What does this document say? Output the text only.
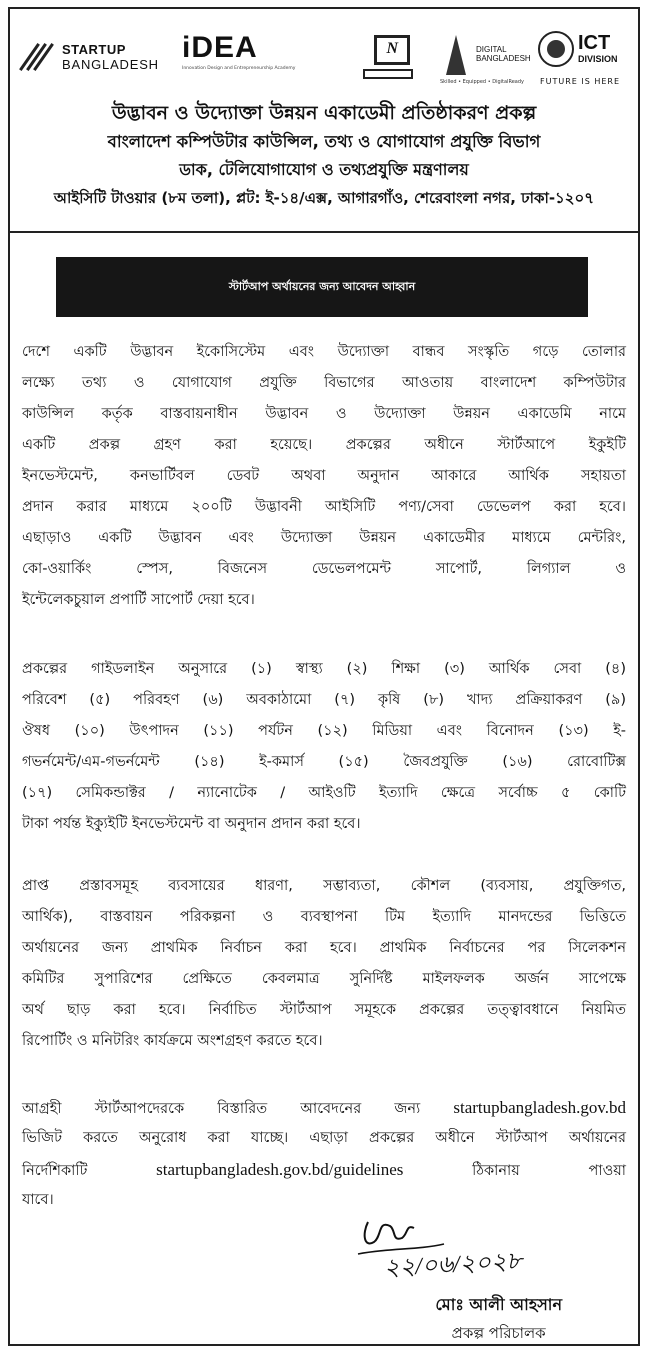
STARTUP
BANGLADESH
iDEA
Innovation Design and Entrepreneurship Academy
N	DIGITAL
BANGLADESH
Skilled • Equipped • DigitalReady
ICT
DIVISION
FUTURE IS HERE
উদ্ভাবন ও উদ্যোক্তা উন্নয়ন একাডেমী প্রতিষ্ঠাকরণ প্রকল্প
বাংলাদেশ কম্পিউটার কাউন্সিল, তথ্য ও যোগাযোগ প্রযুক্তি বিভাগ
ডাক, টেলিযোগাযোগ ও তথ্যপ্রযুক্তি মন্ত্রণালয়
আইসিটি টাওয়ার (৮ম তলা), প্লট: ই-১৪/এক্স, আগারগাঁও, শেরেবাংলা নগর, ঢাকা-১২০৭
স্টার্টআপ অর্থায়নের জন্য আবেদন আহ্বান
দেশে একটি উদ্ভাবন ইকোসিস্টেম এবং উদ্যোক্তা বান্ধব সংস্কৃতি গড়ে তোলার
লক্ষ্যে তথ্য ও যোগাযোগ প্রযুক্তি বিভাগের আওতায় বাংলাদেশ কম্পিউটার
কাউন্সিল কর্তৃক বাস্তবায়নাধীন উদ্ভাবন ও উদ্যোক্তা উন্নয়ন একাডেমি নামে
একটি প্রকল্প গ্রহণ করা হয়েছে। প্রকল্পের অধীনে স্টার্টআপে ইকুইটি
ইনভেস্টমেন্ট, কনভার্টিবল ডেবট অথবা অনুদান আকারে আর্থিক সহায়তা
প্রদান করার মাধ্যমে ২০০টি উদ্ভাবনী আইসিটি পণ্য/সেবা ডেভেলপ করা হবে।
এছাড়াও একটি উদ্ভাবন এবং উদ্যোক্তা উন্নয়ন একাডেমীর মাধ্যমে মেন্টরিং,
কো-ওয়ার্কিং স্পেস, বিজনেস ডেভেলপমেন্ট সাপোর্ট, লিগ্যাল ও
ইন্টেলেকচুয়াল প্রপার্টি সাপোর্ট দেয়া হবে।
প্রকল্পের গাইডলাইন অনুসারে (১) স্বাস্থ্য (২) শিক্ষা (৩) আর্থিক সেবা (৪)
পরিবেশ (৫) পরিবহণ (৬) অবকাঠামো (৭) কৃষি (৮) খাদ্য প্রক্রিয়াকরণ (৯)
ঔষধ (১০) উৎপাদন (১১) পর্যটন (১২) মিডিয়া এবং বিনোদন (১৩) ই-
গভর্নমেন্ট/এম-গভর্নমেন্ট (১৪) ই-কমার্স (১৫) জৈবপ্রযুক্তি (১৬) রোবোটিক্স
(১৭) সেমিকন্ডাক্টর / ন্যানোটেক / আইওটি ইত্যাদি ক্ষেত্রে সর্বোচ্চ ৫ কোটি
টাকা পর্যন্ত ইক্যুইটি ইনভেস্টমেন্ট বা অনুদান প্রদান করা হবে।
প্রাপ্ত প্রস্তাবসমূহ ব্যবসায়ের ধারণা, সম্ভাব্যতা, কৌশল (ব্যবসায়, প্রযুক্তিগত,
আর্থিক), বাস্তবায়ন পরিকল্পনা ও ব্যবস্থাপনা টিম ইত্যাদি মানদন্ডের ভিত্তিতে
অর্থায়নের জন্য প্রাথমিক নির্বাচন করা হবে। প্রাথমিক নির্বাচনের পর সিলেকশন
কমিটির সুপারিশের প্রেক্ষিতে কেবলমাত্র সুনির্দিষ্ট মাইলফলক অর্জন সাপেক্ষে
অর্থ ছাড় করা হবে। নির্বাচিত স্টার্টআপ সমূহকে প্রকল্পের তত্ত্বাবধানে নিয়মিত
রিপোর্টিং ও মনিটরিং কার্যক্রমে অংশগ্রহণ করতে হবে।
আগ্রহী স্টার্টআপদেরকে বিস্তারিত আবেদনের জন্য startupbangladesh.gov.bd
ভিজিট করতে অনুরোধ করা যাচ্ছে। এছাড়া প্রকল্পের অধীনে স্টার্টআপ অর্থায়নের
নির্দেশিকাটি	startupbangladesh.gov.bd/guidelines	ঠিকানায় পাওয়া
যাবে।
২২/০৬/২০২৮
মোঃ আলী আহসান
প্রকল্প পরিচালক
